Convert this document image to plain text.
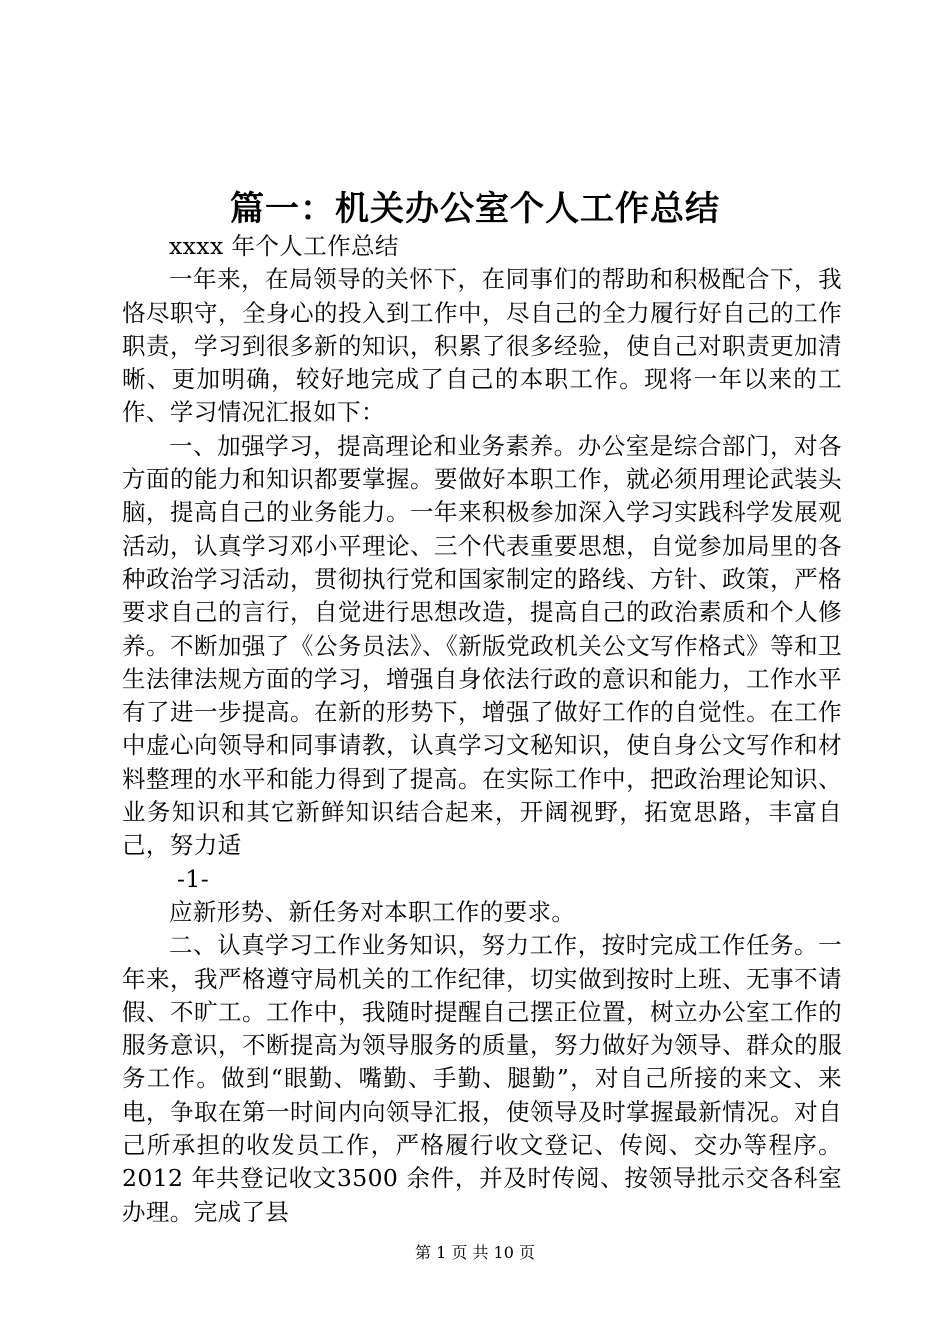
篇一：机关办公室个人工作总结

xxxx 年个人工作总结

一年来，在局领导的关怀下，在同事们的帮助和积极配合下，我恪尽职守，全身心的投入到工作中，尽自己的全力履行好自己的工作职责，学习到很多新的知识，积累了很多经验，使自己对职责更加清晰、更加明确，较好地完成了自己的本职工作。现将一年以来的工作、学习情况汇报如下：

一、加强学习，提高理论和业务素养。办公室是综合部门，对各方面的能力和知识都要掌握。要做好本职工作，就必须用理论武装头脑，提高自己的业务能力。一年来积极参加深入学习实践科学发展观活动，认真学习邓小平理论、三个代表重要思想，自觉参加局里的各种政治学习活动，贯彻执行党和国家制定的路线、方针、政策，严格要求自己的言行，自觉进行思想改造，提高自己的政治素质和个人修养。不断加强了《公务员法》、《新版党政机关公文写作格式》等和卫生法律法规方面的学习，增强自身依法行政的意识和能力，工作水平有了进一步提高。在新的形势下，增强了做好工作的自觉性。在工作中虚心向领导和同事请教，认真学习文秘知识，使自身公文写作和材料整理的水平和能力得到了提高。在实际工作中，把政治理论知识、业务知识和其它新鲜知识结合起来，开阔视野，拓宽思路，丰富自己，努力适

-1-

应新形势、新任务对本职工作的要求。

二、认真学习工作业务知识，努力工作，按时完成工作任务。一年来，我严格遵守局机关的工作纪律，切实做到按时上班、无事不请假、不旷工。工作中，我随时提醒自己摆正位置，树立办公室工作的服务意识，不断提高为领导服务的质量，努力做好为领导、群众的服务工作。做到“眼勤、嘴勤、手勤、腿勤”，对自己所接的来文、来电，争取在第一时间内向领导汇报，使领导及时掌握最新情况。对自己所承担的收发员工作，严格履行收文登记、传阅、交办等程序。2012 年共登记收文3500 余件，并及时传阅、按领导批示交各科室办理。完成了县

第 1 页 共 10 页
